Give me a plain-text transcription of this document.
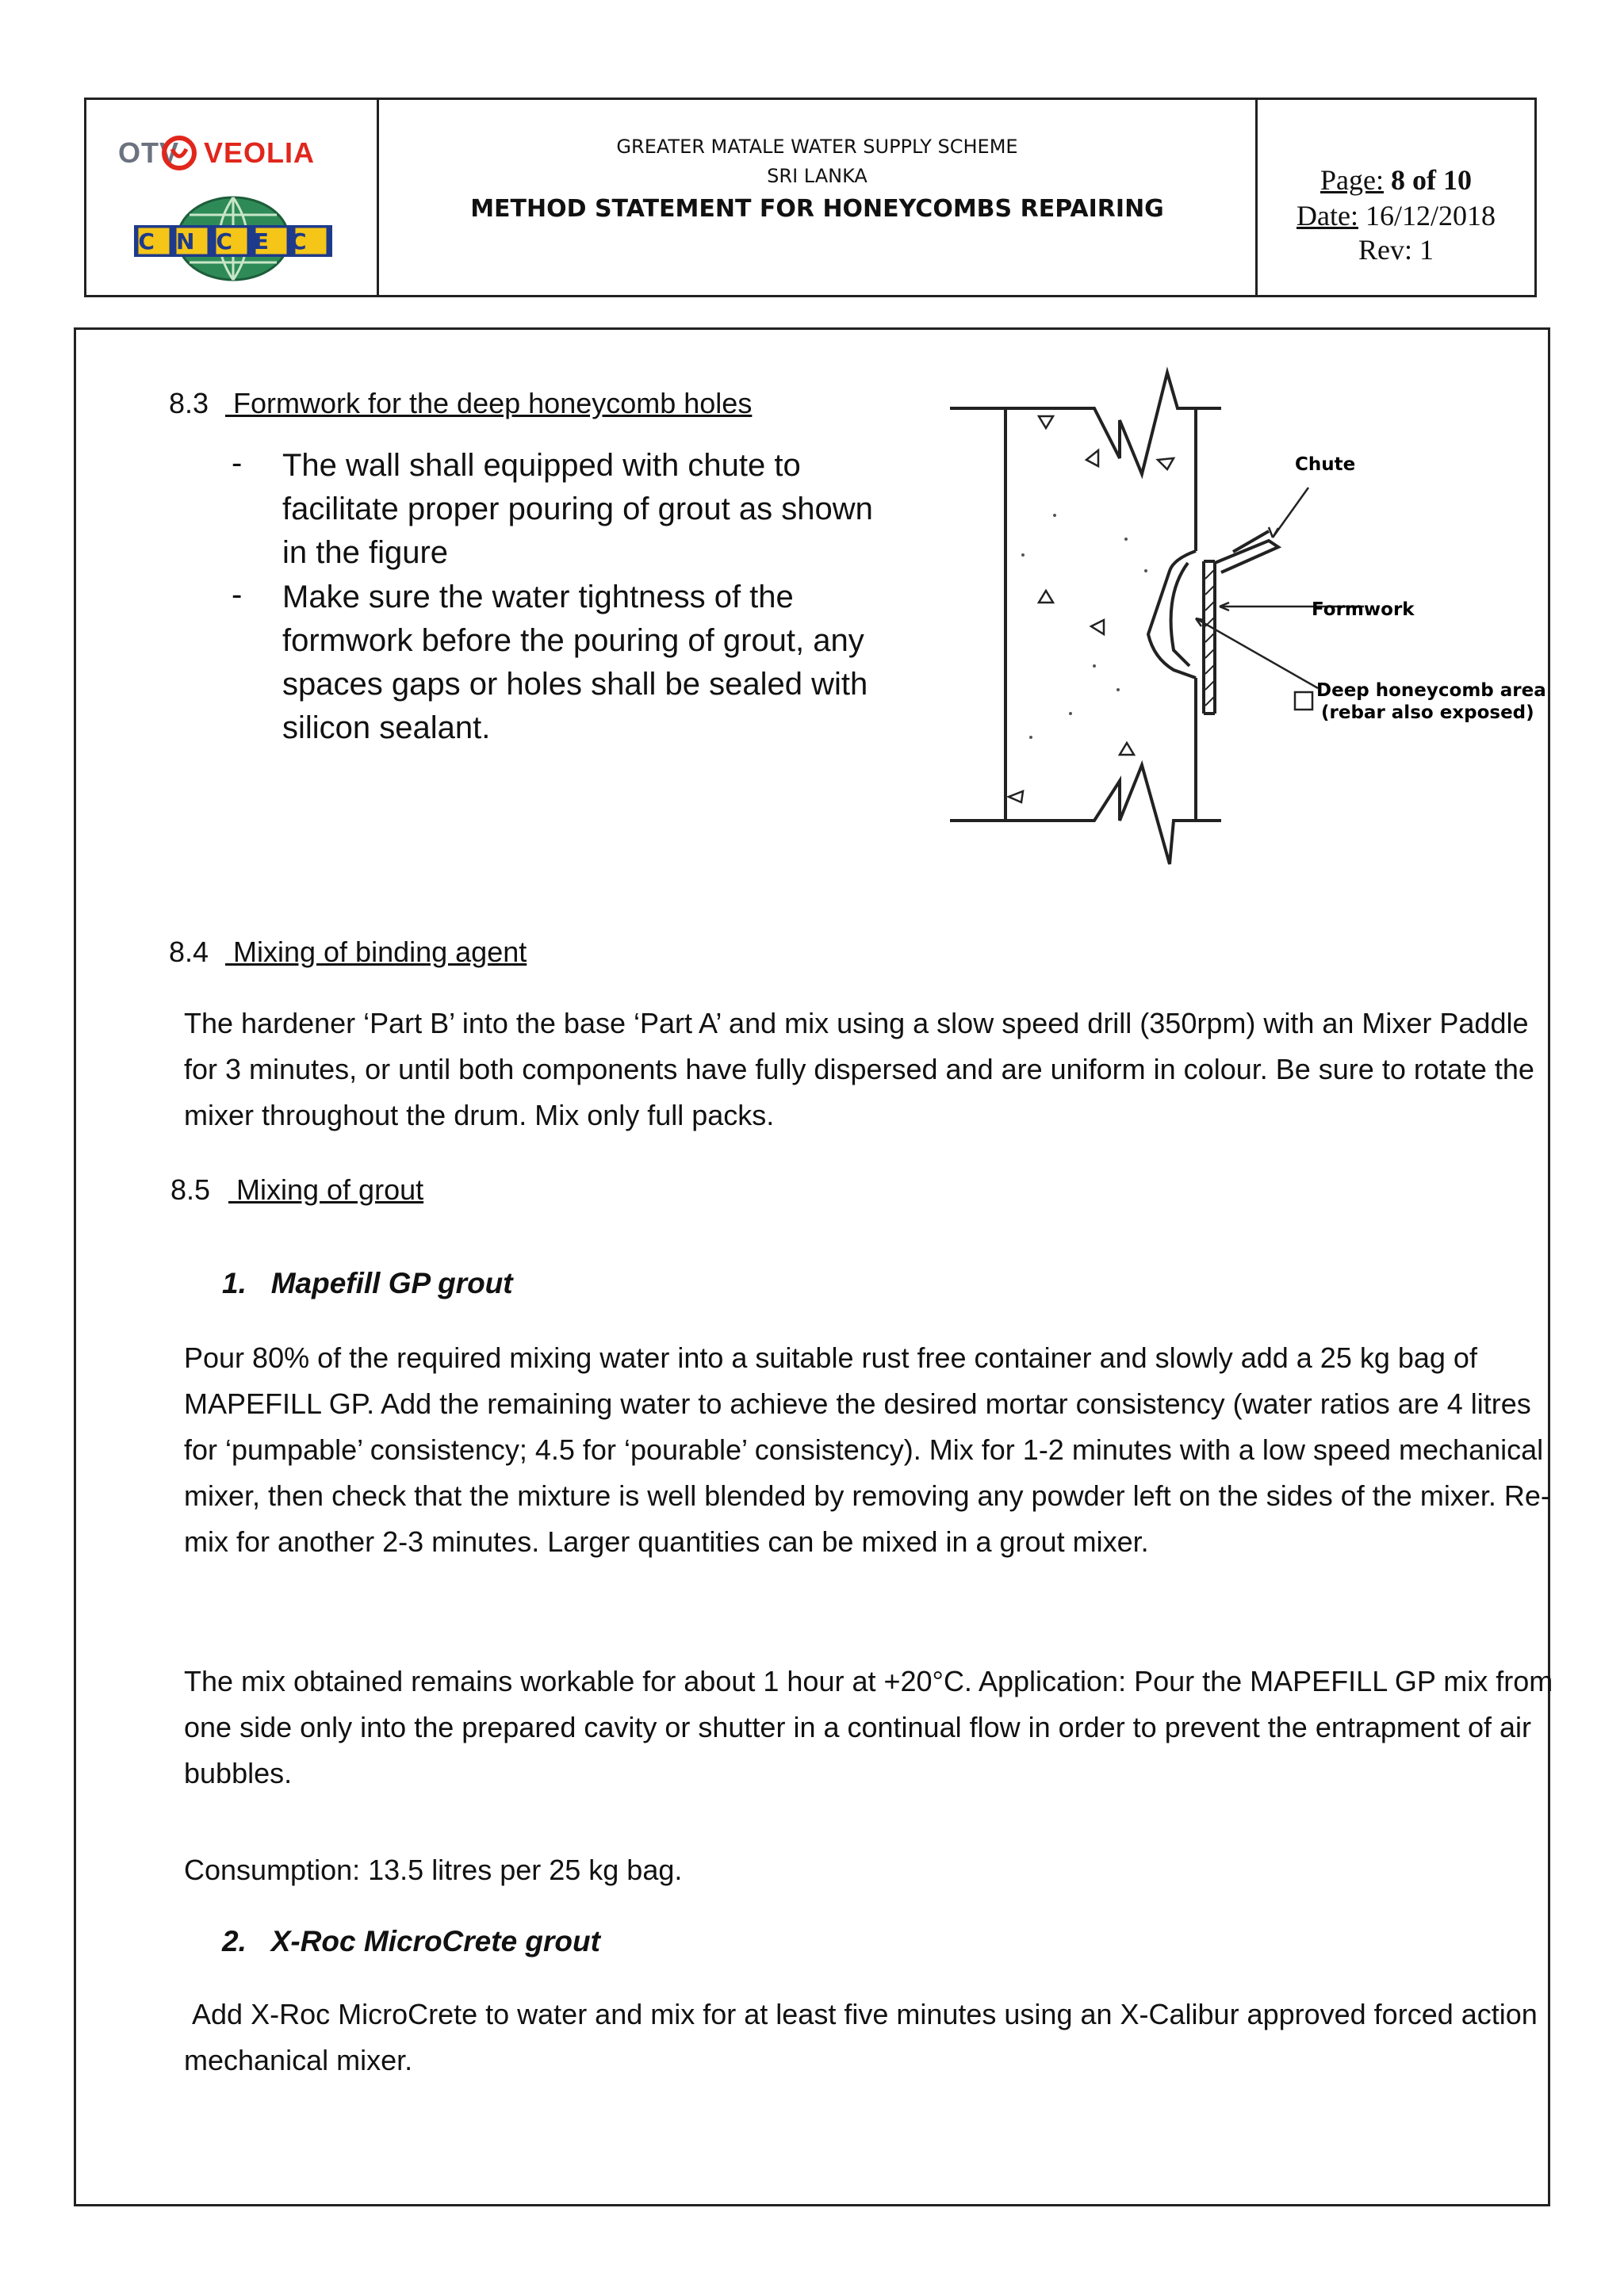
OTV VEOLIA
CNCEC
GREATER MATALE WATER SUPPLY SCHEME
SRI LANKA
METHOD STATEMENT FOR HONEYCOMBS REPAIRING
Page: 8 of 10
Date: 16/12/2018
Rev: 1
8.3 Formwork for the deep honeycomb holes
- The wall shall equipped with chute to facilitate proper pouring of grout as shown in the figure
- Make sure the water tightness of the formwork before the pouring of grout, any spaces gaps or holes shall be sealed with silicon sealant.
Chute
Formwork
Deep honeycomb area
(rebar also exposed)
8.4 Mixing of binding agent
The hardener ‘Part B’ into the base ‘Part A’ and mix using a slow speed drill (350rpm) with an Mixer Paddle for 3 minutes, or until both components have fully dispersed and are uniform in colour. Be sure to rotate the mixer throughout the drum. Mix only full packs.
8.5 Mixing of grout
1.   Mapefill GP grout
Pour 80% of the required mixing water into a suitable rust free container and slowly add a 25 kg bag of MAPEFILL GP. Add the remaining water to achieve the desired mortar consistency (water ratios are 4 litres for ‘pumpable’ consistency; 4.5 for ‘pourable’ consistency). Mix for 1-2 minutes with a low speed mechanical mixer, then check that the mixture is well blended by removing any powder left on the sides of the mixer. Re-mix for another 2-3 minutes. Larger quantities can be mixed in a grout mixer.
The mix obtained remains workable for about 1 hour at +20°C. Application: Pour the MAPEFILL GP mix from one side only into the prepared cavity or shutter in a continual flow in order to prevent the entrapment of air bubbles.
Consumption: 13.5 litres per 25 kg bag.
2.   X-Roc MicroCrete grout
Add X-Roc MicroCrete to water and mix for at least five minutes using an X-Calibur approved forced action mechanical mixer.
